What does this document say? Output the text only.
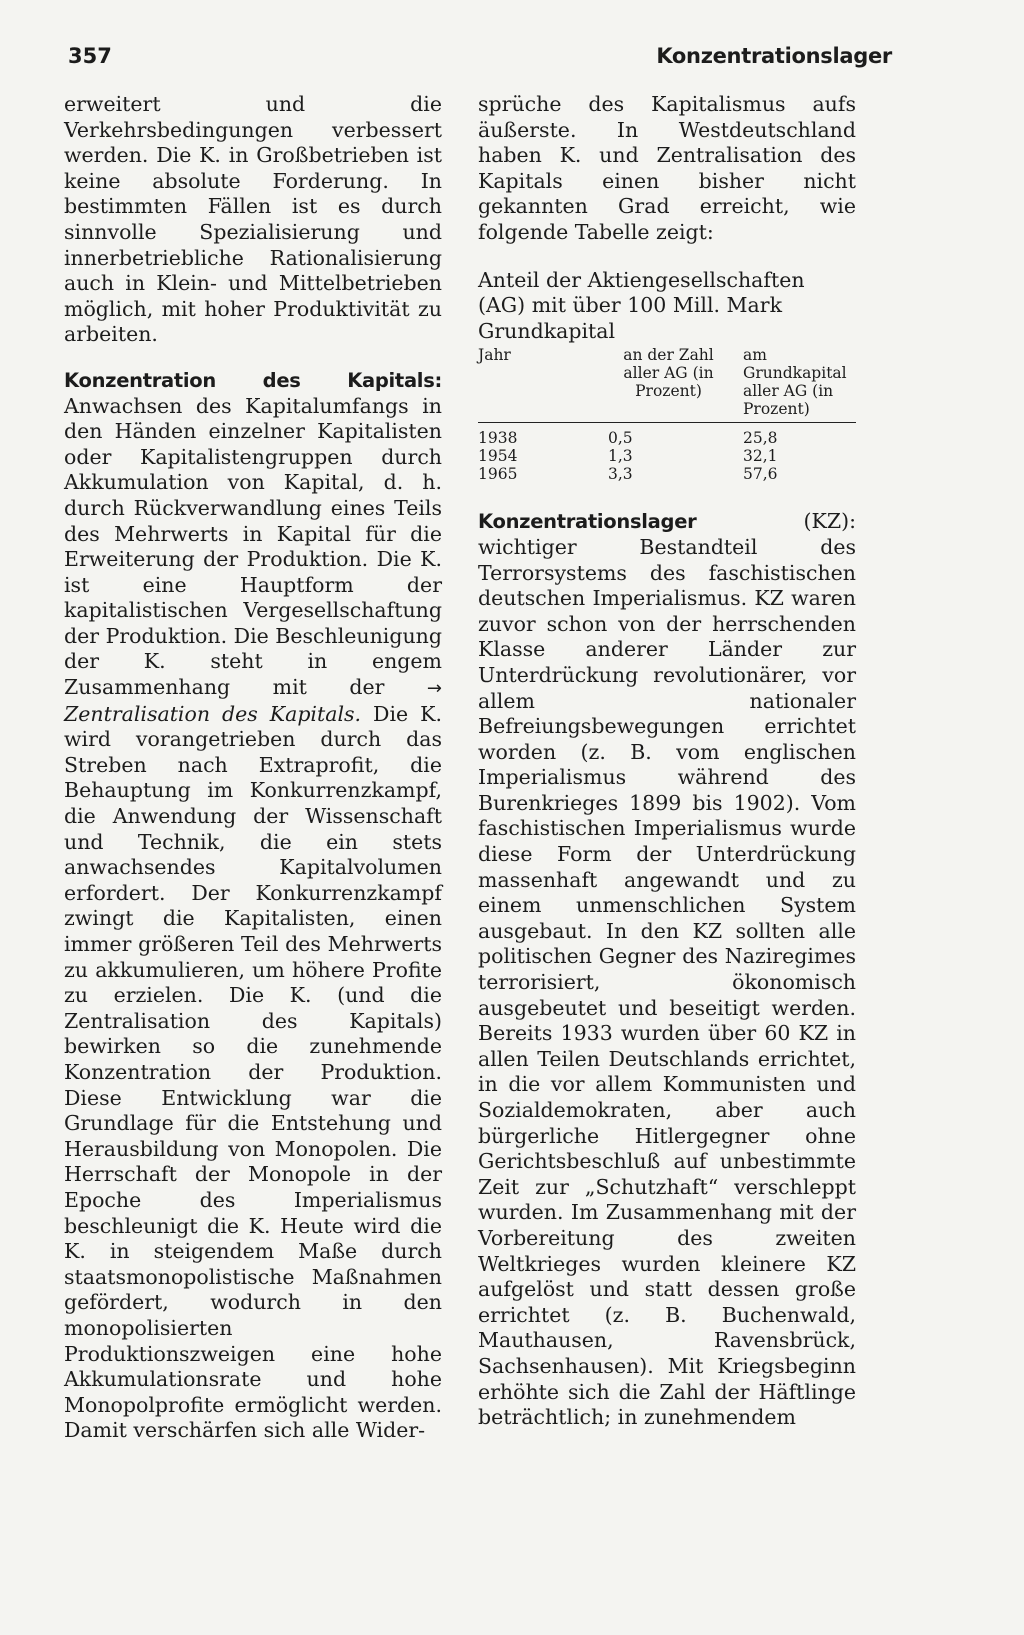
357	Konzentrationslager

erweitert und die Verkehrsbedingungen verbessert werden. Die K. in Großbetrieben ist keine absolute Forderung. In bestimmten Fällen ist es durch sinnvolle Spezialisierung und innerbetriebliche Rationalisierung auch in Klein- und Mittelbetrieben möglich, mit hoher Produktivität zu arbeiten.

Konzentration des Kapitals: Anwachsen des Kapitalumfangs in den Händen einzelner Kapitalisten oder Kapitalistengruppen durch Akkumulation von Kapital, d. h. durch Rückverwandlung eines Teils des Mehrwerts in Kapital für die Erweiterung der Produktion. Die K. ist eine Hauptform der kapitalistischen Vergesellschaftung der Produktion. Die Beschleunigung der K. steht in engem Zusammenhang mit der → Zentralisation des Kapitals. Die K. wird vorangetrieben durch das Streben nach Extraprofit, die Behauptung im Konkurrenzkampf, die Anwendung der Wissenschaft und Technik, die ein stets anwachsendes Kapitalvolumen erfordert. Der Konkurrenzkampf zwingt die Kapitalisten, einen immer größeren Teil des Mehrwerts zu akkumulieren, um höhere Profite zu erzielen. Die K. (und die Zentralisation des Kapitals) bewirken so die zunehmende Konzentration der Produktion. Diese Entwicklung war die Grundlage für die Entstehung und Herausbildung von Monopolen. Die Herrschaft der Monopole in der Epoche des Imperialismus beschleunigt die K. Heute wird die K. in steigendem Maße durch staatsmonopolistische Maßnahmen gefördert, wodurch in den monopolisierten Produktionszweigen eine hohe Akkumulationsrate und hohe Monopolprofite ermöglicht werden. Damit verschärfen sich alle Wider-

sprüche des Kapitalismus aufs äußerste. In Westdeutschland haben K. und Zentralisation des Kapitals einen bisher nicht gekannten Grad erreicht, wie folgende Tabelle zeigt:

Anteil der Aktiengesellschaften (AG) mit über 100 Mill. Mark Grundkapital

Jahr	an der Zahl aller AG (in Prozent)	am Grundkapital aller AG (in Prozent)
1938	0,5	25,8
1954	1,3	32,1
1965	3,3	57,6

Konzentrationslager	(KZ): wichtiger Bestandteil des Terrorsystems des faschistischen deutschen Imperialismus. KZ waren zuvor schon von der herrschenden Klasse anderer Länder zur Unterdrückung revolutionärer, vor allem nationaler Befreiungsbewegungen errichtet worden (z. B. vom englischen Imperialismus während des Burenkrieges 1899 bis 1902). Vom faschistischen Imperialismus wurde diese Form der Unterdrückung massenhaft angewandt und zu einem unmenschlichen System ausgebaut. In den KZ sollten alle politischen Gegner des Naziregimes terrorisiert, ökonomisch ausgebeutet und beseitigt werden. Bereits 1933 wurden über 60 KZ in allen Teilen Deutschlands errichtet, in die vor allem Kommunisten und Sozialdemokraten, aber auch bürgerliche Hitlergegner ohne Gerichtsbeschluß auf unbestimmte Zeit zur „Schutzhaft“ verschleppt wurden. Im Zusammenhang mit der Vorbereitung des zweiten Weltkrieges wurden kleinere KZ aufgelöst und statt dessen große errichtet (z. B. Buchenwald, Mauthausen, Ravensbrück, Sachsenhausen). Mit Kriegsbeginn erhöhte sich die Zahl der Häftlinge beträchtlich; in zunehmendem
